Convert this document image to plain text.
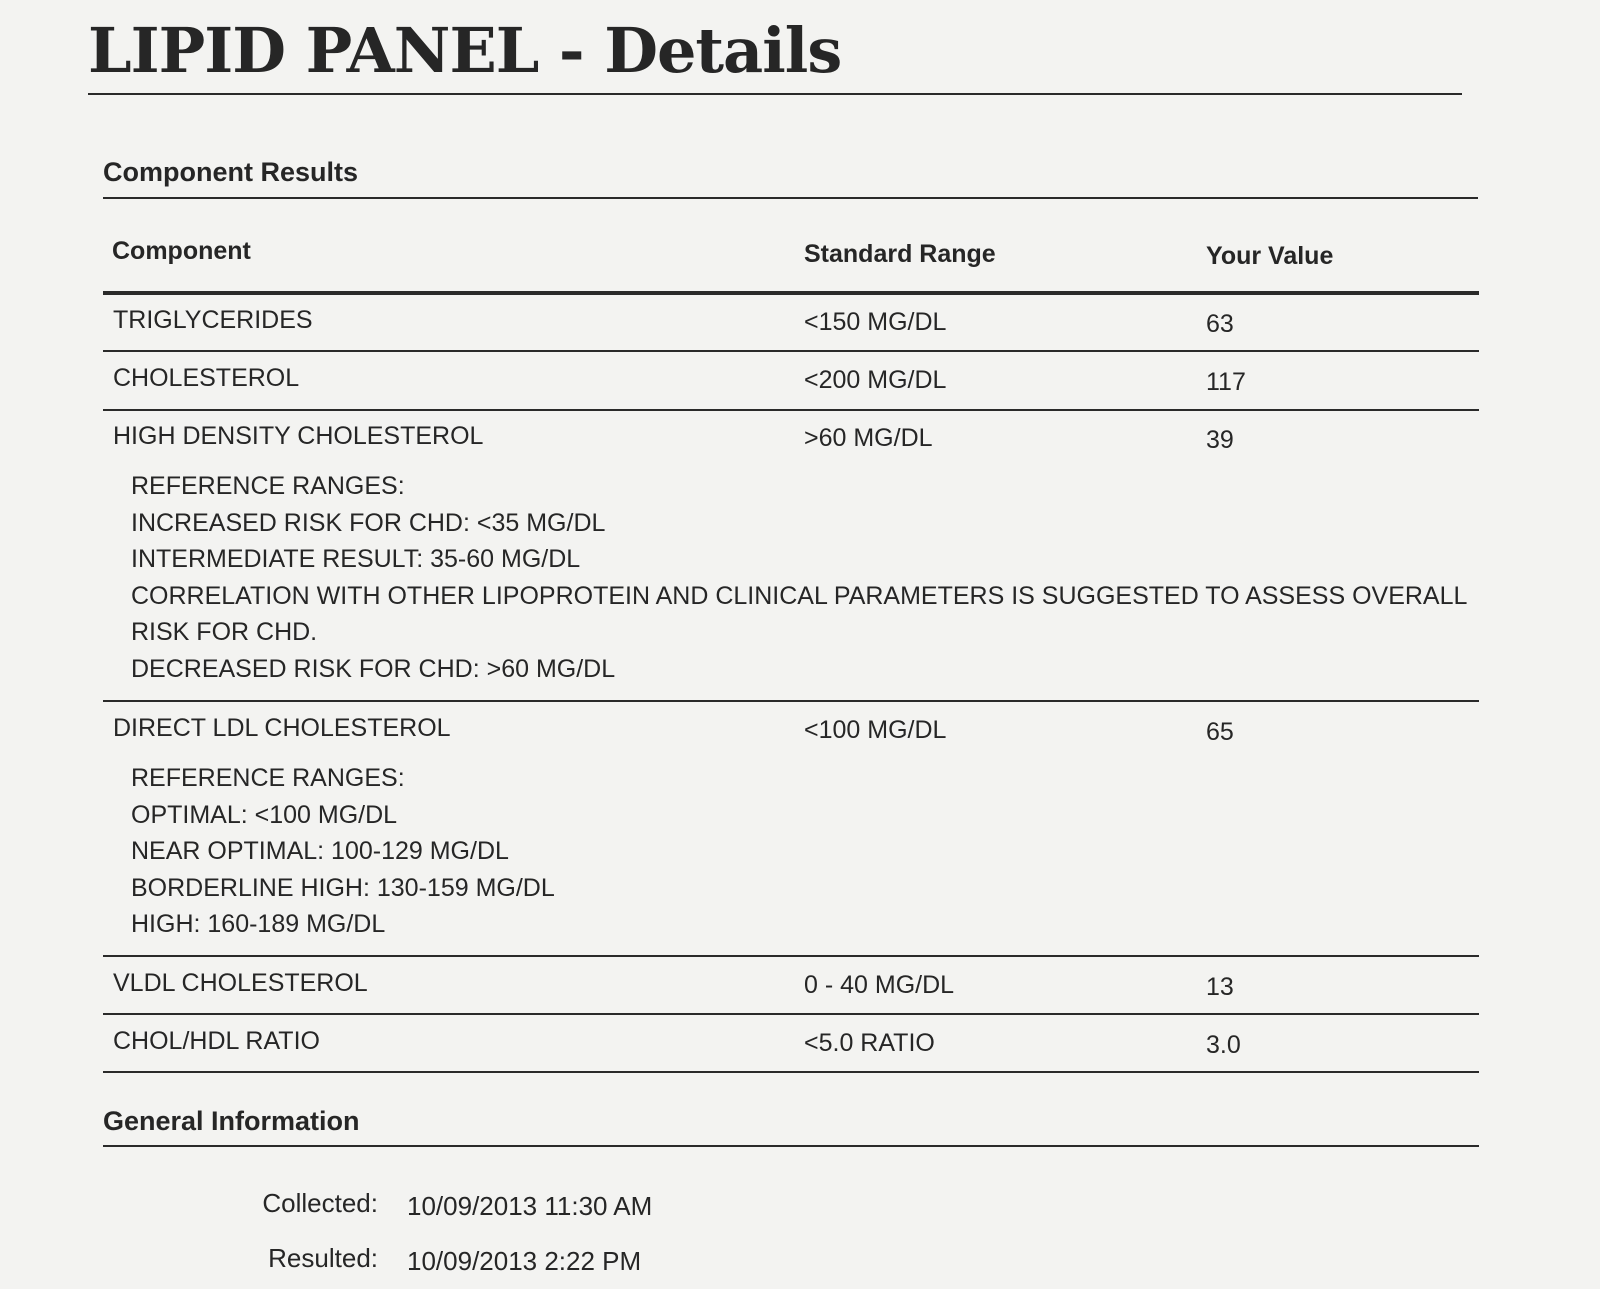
LIPID PANEL - Details
Component Results
Component	Standard Range	Your Value
TRIGLYCERIDES	<150 MG/DL	63
CHOLESTEROL	<200 MG/DL	117
HIGH DENSITY CHOLESTEROL	>60 MG/DL	39
REFERENCE RANGES:
INCREASED RISK FOR CHD: <35 MG/DL
INTERMEDIATE RESULT: 35-60 MG/DL
CORRELATION WITH OTHER LIPOPROTEIN AND CLINICAL PARAMETERS IS SUGGESTED TO ASSESS OVERALL
RISK FOR CHD.
DECREASED RISK FOR CHD: >60 MG/DL
DIRECT LDL CHOLESTEROL	<100 MG/DL	65
REFERENCE RANGES:
OPTIMAL: <100 MG/DL
NEAR OPTIMAL: 100-129 MG/DL
BORDERLINE HIGH: 130-159 MG/DL
HIGH: 160-189 MG/DL
VLDL CHOLESTEROL	0 - 40 MG/DL	13
CHOL/HDL RATIO	<5.0 RATIO	3.0
General Information
Collected: 10/09/2013 11:30 AM
Resulted: 10/09/2013 2:22 PM
